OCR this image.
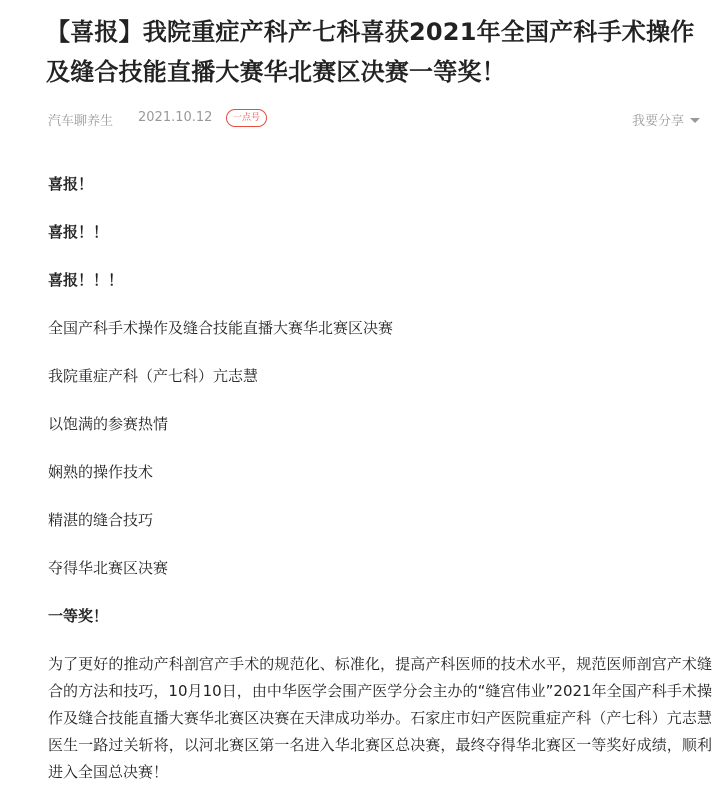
【喜报】我院重症产科产七科喜获2021年全国产科手术操作及缝合技能直播大赛华北赛区决赛一等奖！
汽车聊养生 2021.10.12	一点号	我要分享
喜报！
喜报！！
喜报！！！
全国产科手术操作及缝合技能直播大赛华北赛区决赛
我院重症产科（产七科）亢志慧
以饱满的参赛热情
娴熟的操作技术
精湛的缝合技巧
夺得华北赛区决赛
一等奖！
为了更好的推动产科剖宫产手术的规范化、标准化，提高产科医师的技术水平，规范医师剖宫产术缝合的方法和技巧，10月10日，由中华医学会围产医学分会主办的“缝宫伟业”2021年全国产科手术操作及缝合技能直播大赛华北赛区决赛在天津成功举办。石家庄市妇产医院重症产科（产七科）亢志慧医生一路过关斩将，以河北赛区第一名进入华北赛区总决赛，最终夺得华北赛区一等奖好成绩，顺利进入全国总决赛！
